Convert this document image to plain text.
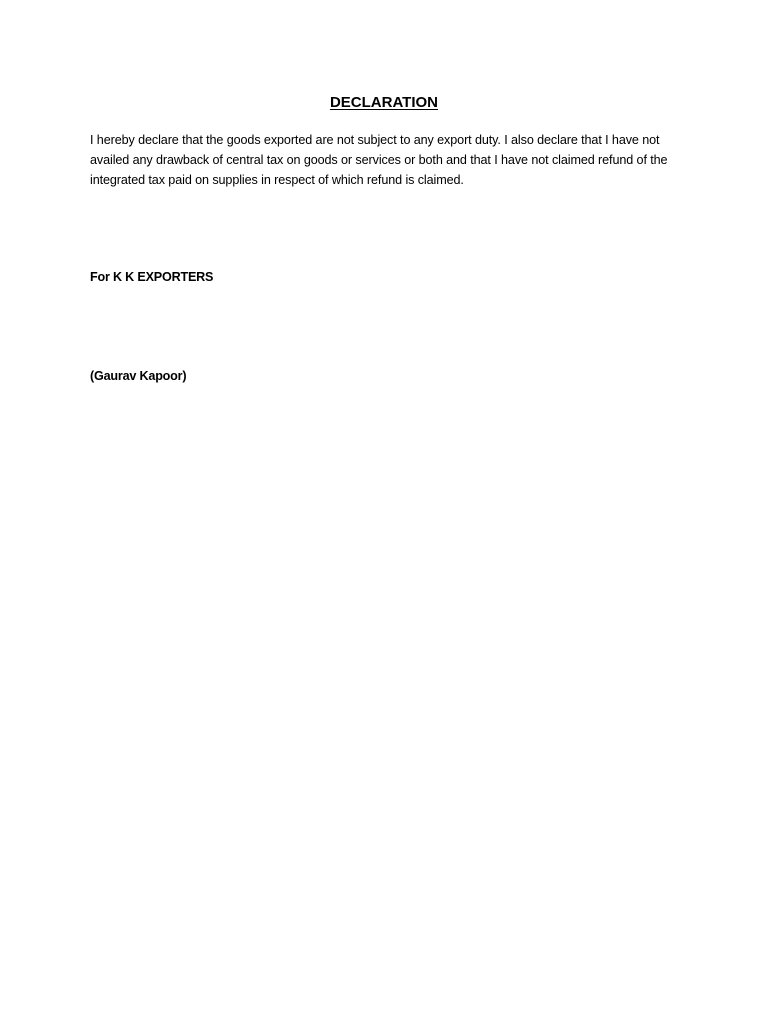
DECLARATION

I hereby declare that the goods exported are not subject to any export duty. I also declare that I have not availed any drawback of central tax on goods or services or both and that I have not claimed refund of the integrated tax paid on supplies in respect of which refund is claimed.

For K K EXPORTERS

(Gaurav Kapoor)
